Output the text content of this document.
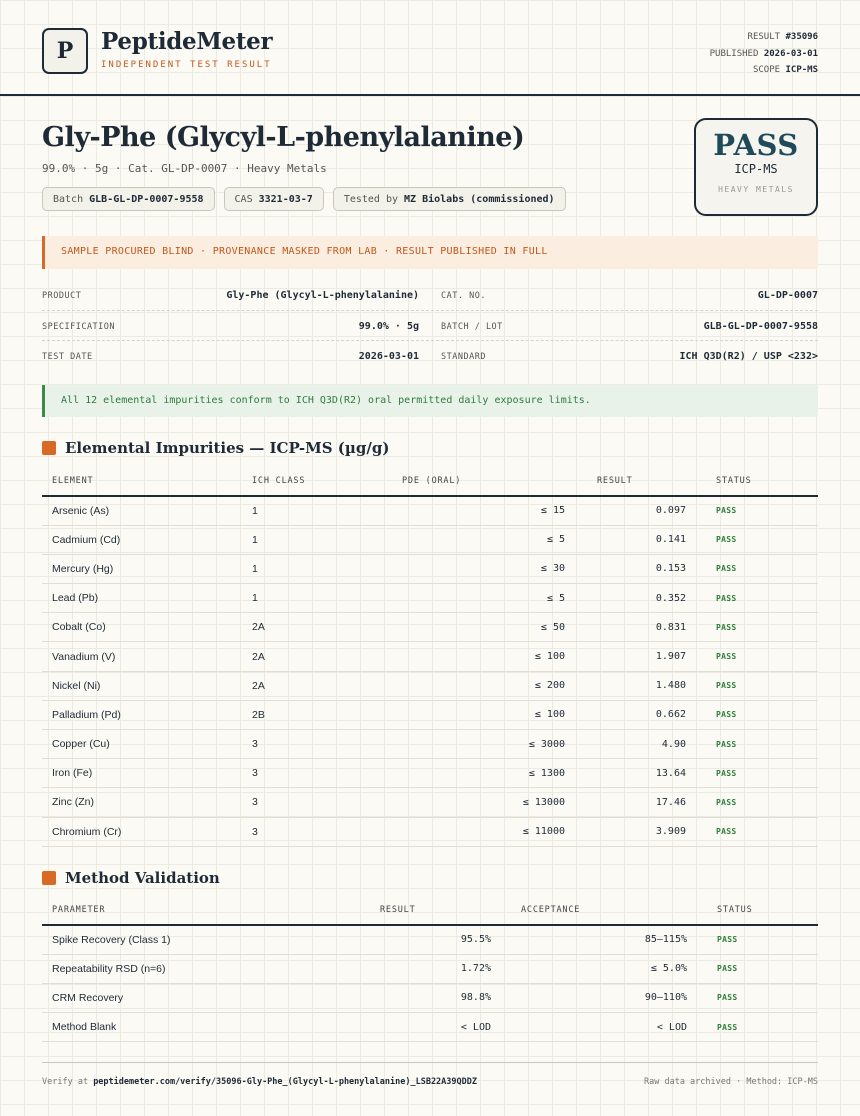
P PeptideMeter
INDEPENDENT TEST RESULT
RESULT #35096
PUBLISHED 2026-03-01
SCOPE ICP-MS
Gly-Phe (Glycyl-L-phenylalanine)
99.0% · 5g · Cat. GL-DP-0007 · Heavy Metals
Batch GLB-GL-DP-0007-9558	CAS 3321-03-7	Tested by MZ Biolabs (commissioned)
PASS
ICP-MS
HEAVY METALS
SAMPLE PROCURED BLIND · PROVENANCE MASKED FROM LAB · RESULT PUBLISHED IN FULL
PRODUCT	Gly-Phe (Glycyl-L-phenylalanine)	CAT. NO.	GL-DP-0007
SPECIFICATION	99.0% · 5g	BATCH / LOT	GLB-GL-DP-0007-9558
TEST DATE	2026-03-01	STANDARD	ICH Q3D(R2) / USP <232>
All 12 elemental impurities conform to ICH Q3D(R2) oral permitted daily exposure limits.
Elemental Impurities — ICP-MS (µg/g)
ELEMENT	ICH CLASS	PDE (ORAL)	RESULT	STATUS
Arsenic (As)	1	≤ 15	0.097	PASS
Cadmium (Cd)	1	≤ 5	0.141	PASS
Mercury (Hg)	1	≤ 30	0.153	PASS
Lead (Pb)	1	≤ 5	0.352	PASS
Cobalt (Co)	2A	≤ 50	0.831	PASS
Vanadium (V)	2A	≤ 100	1.907	PASS
Nickel (Ni)	2A	≤ 200	1.480	PASS
Palladium (Pd)	2B	≤ 100	0.662	PASS
Copper (Cu)	3	≤ 3000	4.90	PASS
Iron (Fe)	3	≤ 1300	13.64	PASS
Zinc (Zn)	3	≤ 13000	17.46	PASS
Chromium (Cr)	3	≤ 11000	3.909	PASS
Method Validation
PARAMETER	RESULT	ACCEPTANCE	STATUS
Spike Recovery (Class 1)	95.5%	85–115%	PASS
Repeatability RSD (n=6)	1.72%	≤ 5.0%	PASS
CRM Recovery	98.8%	90–110%	PASS
Method Blank	< LOD	< LOD	PASS
Verify at peptidemeter.com/verify/35096-Gly-Phe_(Glycyl-L-phenylalanine)_LSB22A39QDDZ	Raw data archived · Method: ICP-MS
